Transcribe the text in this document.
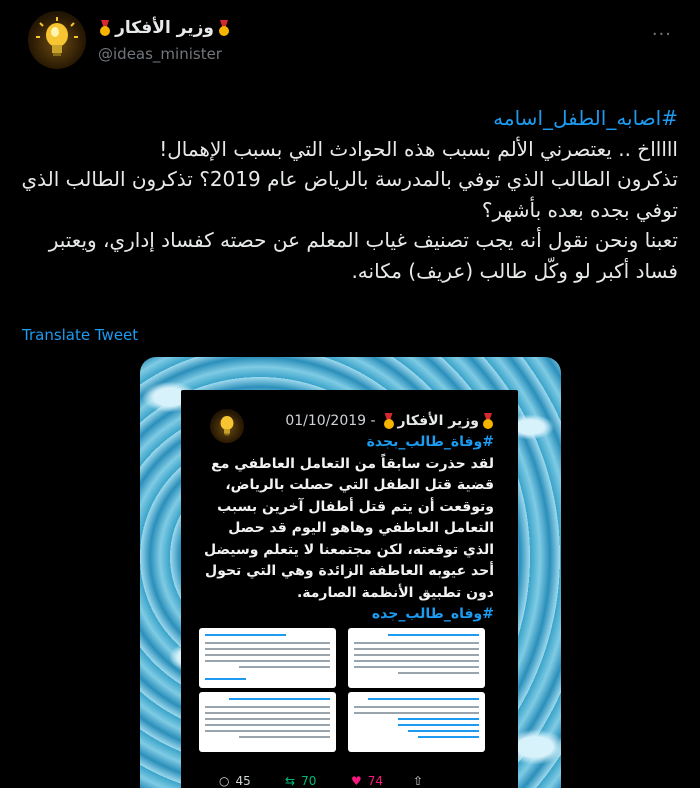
وزير الأفكار
@ideas_minister
···

#اصابه_الطفل_اسامه

اااااخ .. يعتصرني الألم بسبب هذه الحوادث التي بسبب الإهمال!

تذكرون الطالب الذي توفي بالمدرسة بالرياض عام 2019؟ تذكرون الطالب الذي توفي بجده بعده بأشهر؟

تعبنا ونحن نقول أنه يجب تصنيف غياب المعلم عن حصته كفساد إداري، ويعتبر فساد أكبر لو وكّل طالب (عريف) مكانه.

Translate Tweet
وزير الأفكار
01/10/2019 -
#وفاة_طالب_بجدة
لقد حذرت سابقاً من التعامل العاطفي مع قضية قتل الطفل التي حصلت بالرياض، وتوقعت أن يتم قتل أطفال آخرين بسبب التعامل العاطفي وهاهو اليوم قد حصل الذي توقعته، لكن مجتمعنا لا يتعلم وسيضل أحد عيوبه العاطفة الزائدة وهي التي تحول دون تطبيق الأنظمة الصارمة.
#وفاه_طالب_جده
○ 45	⇆ 70	♥ 74 ⇧
